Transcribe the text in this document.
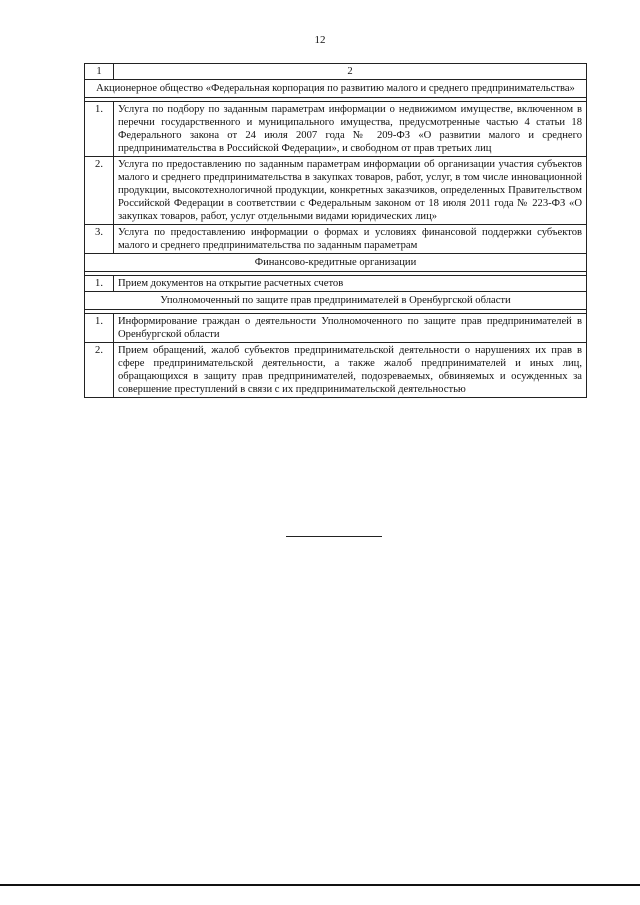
12
1	2
Акционерное общество «Федеральная корпорация по развитию малого и среднего предпринимательства»	

1.	Услуга по подбору по заданным параметрам информации о недвижимом имуществе, включенном в перечни государственного и муниципального имущества, предусмотренные частью 4 статьи 18 Федерального закона от 24 июля 2007 года № 209-ФЗ «О развитии малого и среднего предпринимательства в Российской Федерации», и свободном от прав третьих лиц
2.	Услуга по предоставлению по заданным параметрам информации об организации участия субъектов малого и среднего предпринимательства в закупках товаров, работ, услуг, в том числе инновационной продукции, высокотехнологичной продукции, конкретных заказчиков, определенных Правительством Российской Федерации в соответствии с Федеральным законом от 18 июля 2011 года № 223-ФЗ «О закупках товаров, работ, услуг отдельными видами юридических лиц»
3.	Услуга по предоставлению информации о формах и условиях финансовой поддержки субъектов малого и среднего предпринимательства по заданным параметрам
Финансово-кредитные организации	

1.	Прием документов на открытие расчетных счетов
Уполномоченный по защите прав предпринимателей в Оренбургской области	

1.	Информирование граждан о деятельности Уполномоченного по защите прав предпринимателей в Оренбургской области
2.	Прием обращений, жалоб субъектов предпринимательской деятельности о нарушениях их прав в сфере предпринимательской деятельности, а также жалоб предпринимателей и иных лиц, обращающихся в защиту прав предпринимателей, подозреваемых, обвиняемых и осужденных за совершение преступлений в связи с их предпринимательской деятельностью
